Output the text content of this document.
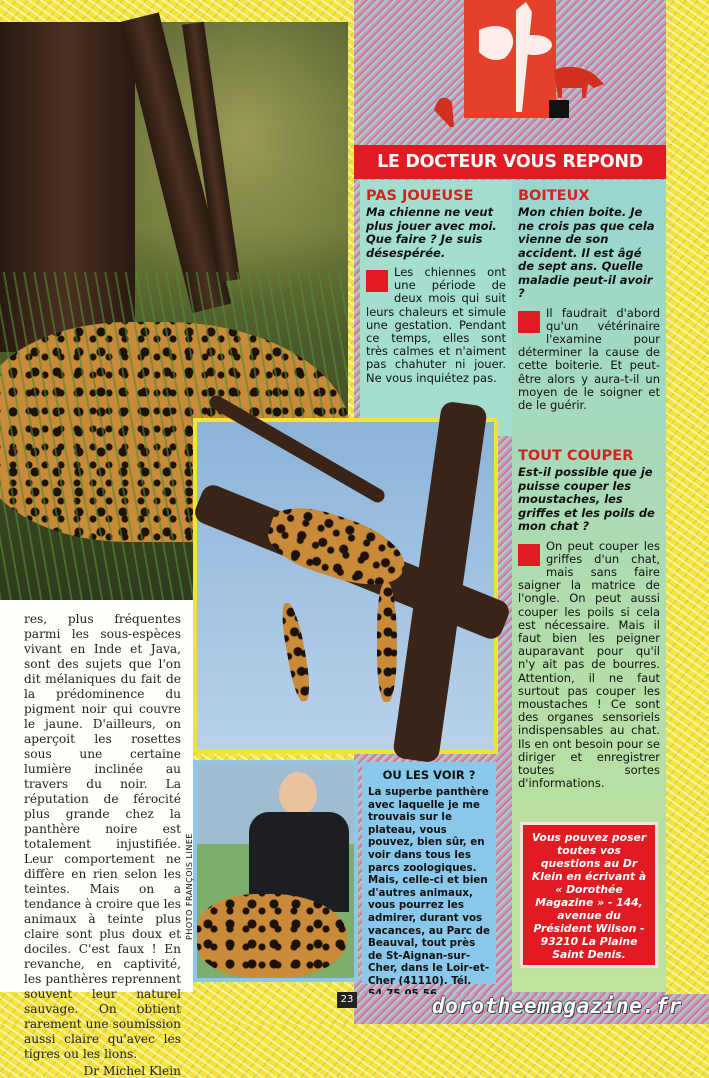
res, plus fréquentes parmi les sous-espèces vivant en Inde et Java, sont des sujets que l'on dit mélaniques du fait de la prédominence du pigment noir qui couvre le jaune. D'ailleurs, on aperçoit les rosettes sous une certaine lumière inclinée au travers du noir. La réputation de férocité plus grande chez la panthère noire est totalement injustifiée. Leur comportement ne diffère en rien selon les teintes. Mais on a tendance à croire que les animaux à teinte plus claire sont plus doux et dociles. C'est faux ! En revanche, en captivité, les panthères reprennent souvent leur naturel sauvage. On obtient rarement une soumission aussi claire qu'avec les tigres ou les lions.

Dr Michel Klein
LE DOCTEUR VOUS REPOND
PAS JOUEUSE
Ma chienne ne veut plus jouer avec moi. Que faire ? Je suis désespérée.
Les chiennes ont une période de deux mois qui suit leurs chaleurs et simule une gestation. Pendant ce temps, elles sont très calmes et n'aiment pas chahuter ni jouer. Ne vous inquiétez pas.
BOITEUX
Mon chien boite. Je ne crois pas que cela vienne de son accident. Il est âgé de sept ans. Quelle maladie peut-il avoir ?
Il faudrait d'abord qu'un vétérinaire l'examine pour déterminer la cause de cette boiterie. Et peut-être alors y aura-t-il un moyen de le soigner et de le guérir.
TOUT COUPER
Est-il possible que je puisse couper les moustaches, les griffes et les poils de mon chat ?
On peut couper les griffes d'un chat, mais sans faire saigner la matrice de l'ongle. On peut aussi couper les poils si cela est nécessaire. Mais il faut bien les peigner auparavant pour qu'il n'y ait pas de bourres. Attention, il ne faut surtout pas couper les moustaches ! Ce sont des organes sensoriels indispensables au chat. Ils en ont besoin pour se diriger et enregistrer toutes sortes d'informations.
PHOTO FRANÇOIS LINEE
OU LES VOIR ?
La superbe panthère avec laquelle je me trouvais sur le plateau, vous pouvez, bien sûr, en voir dans tous les parcs zoologiques. Mais, celle-ci et bien d'autres animaux, vous pourrez les admirer, durant vos vacances, au Parc de Beauval, tout près de St-Aignan-sur-Cher, dans le Loir-et-Cher (41110). Tél.
Vous pouvez poser toutes vos questions au Dr Klein en écrivant à « Dorothée Magazine » - 144, avenue du Président Wilson - 93210 La Plaine Saint Denis.
23	dorotheemagazine.fr
